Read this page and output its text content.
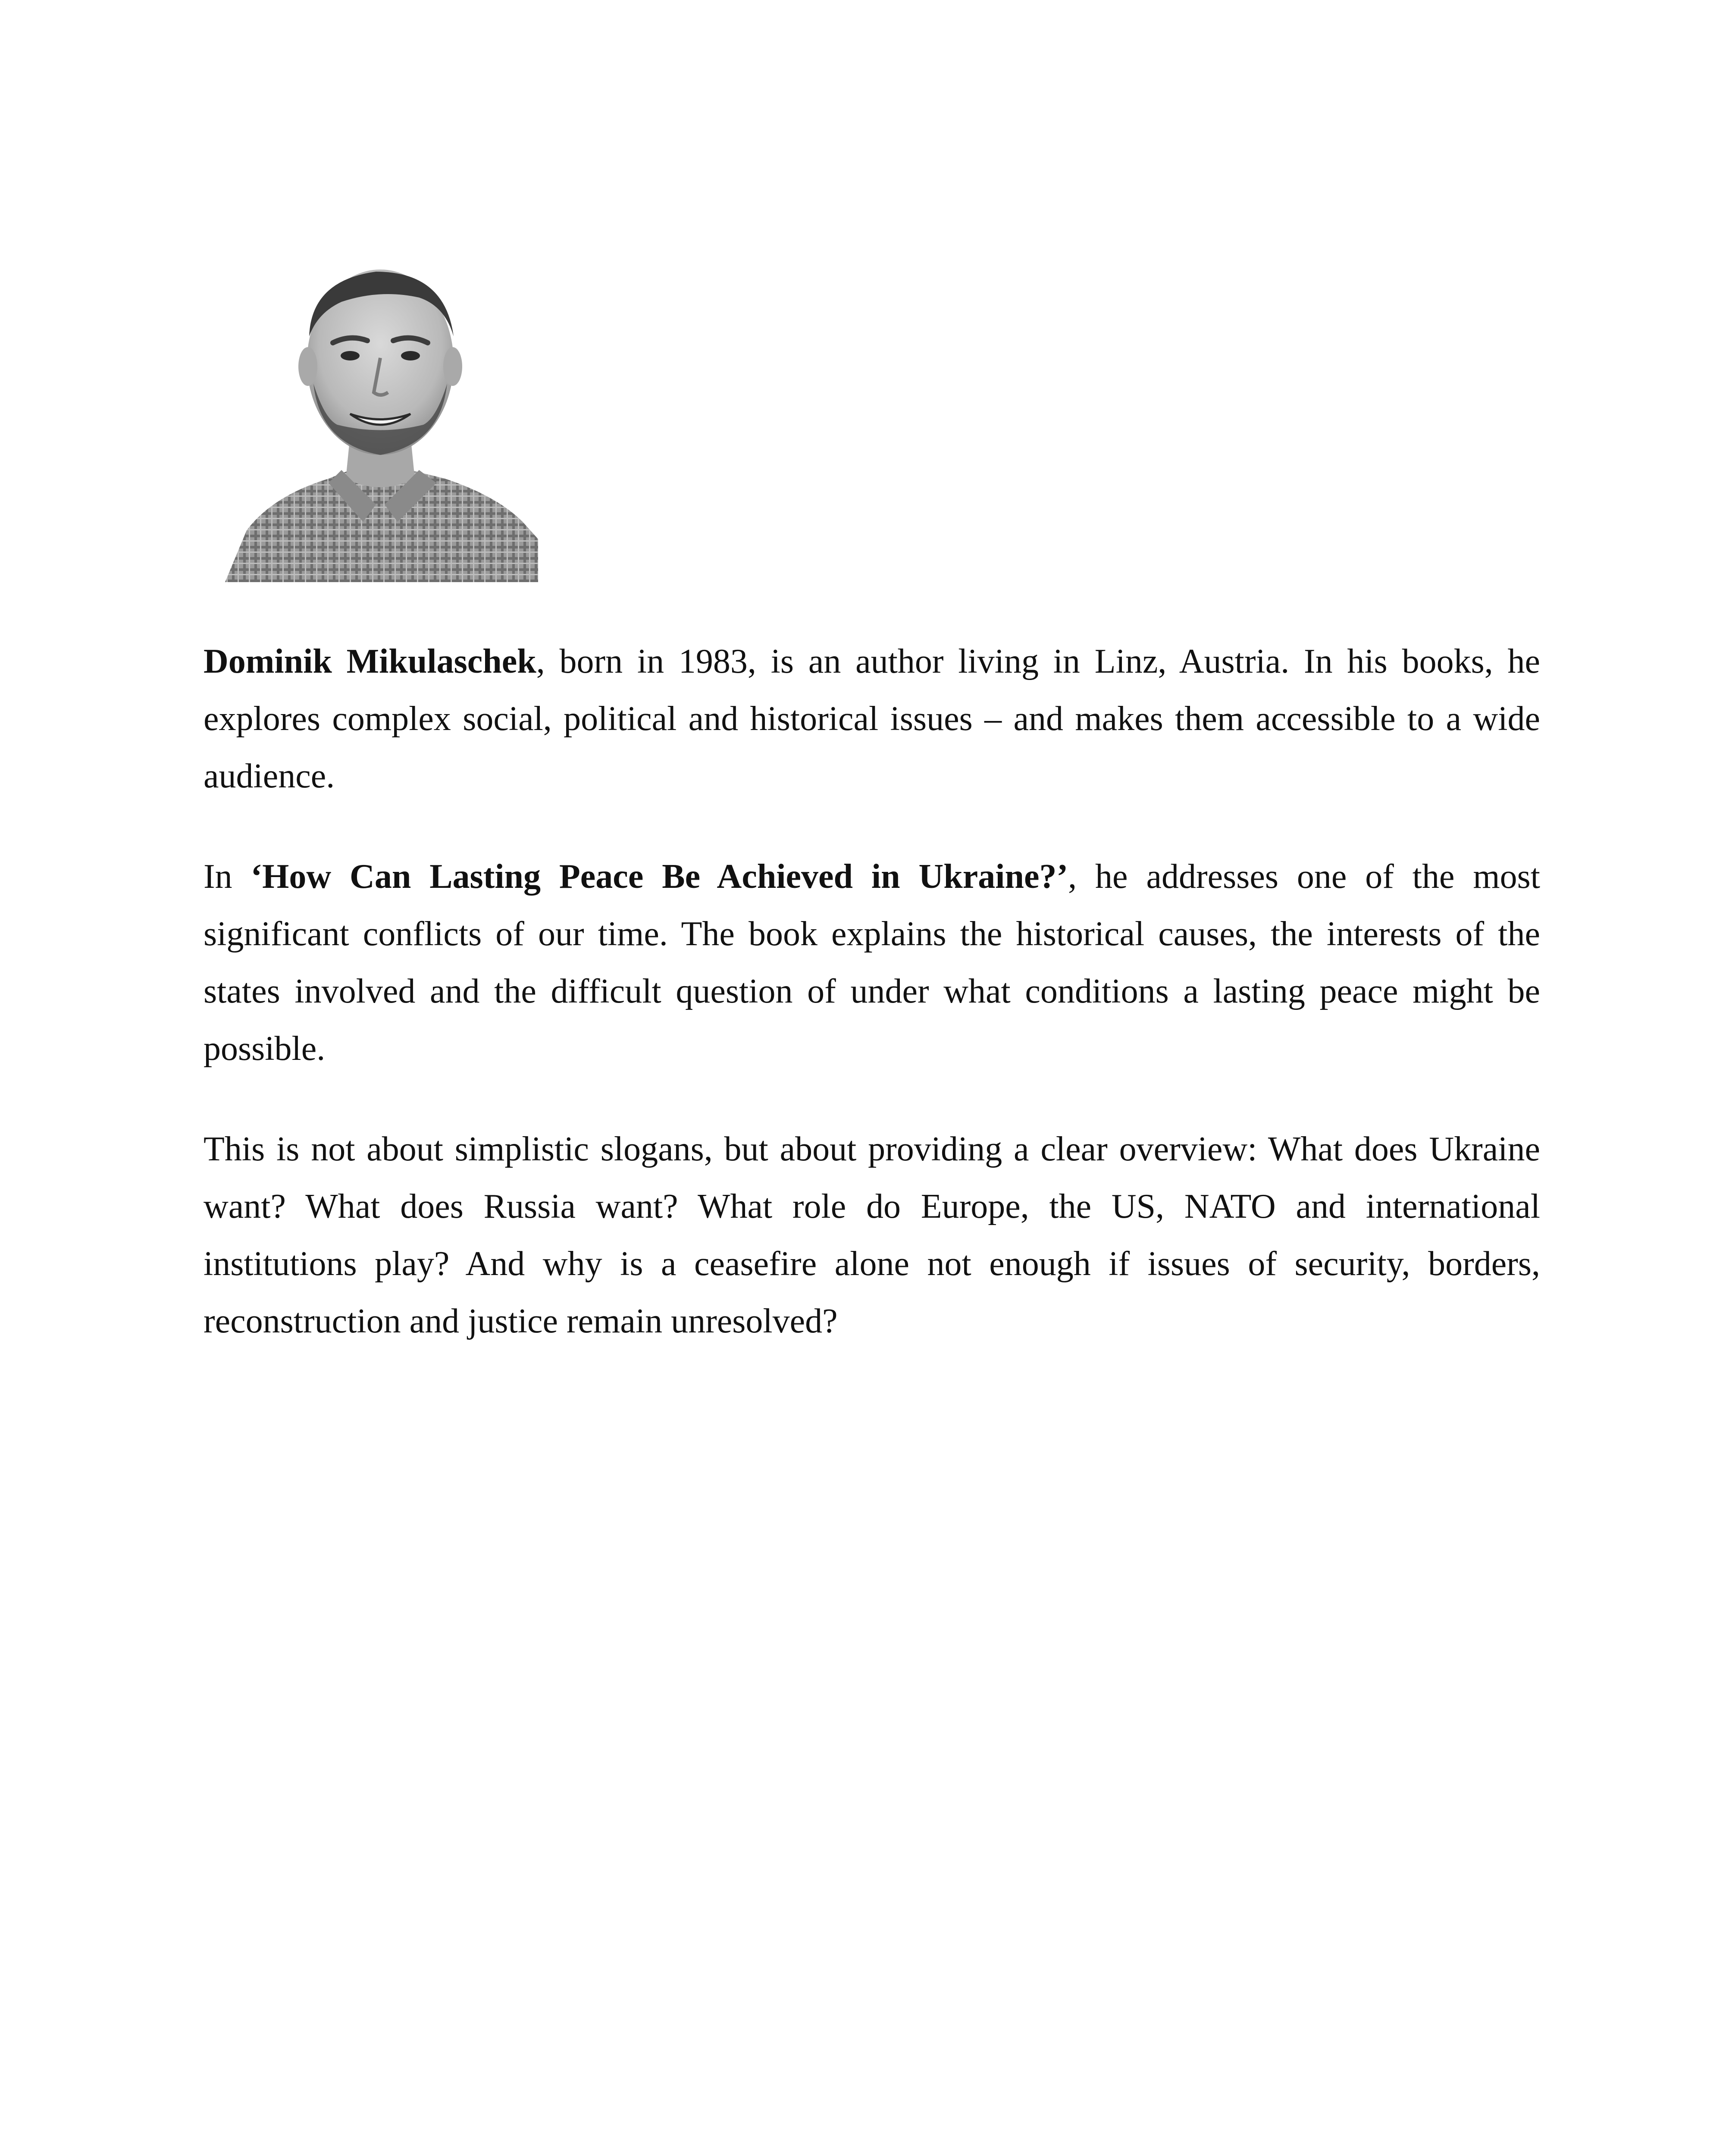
Dominik Mikulaschek, born in 1983, is an author living in Linz, Austria. In his books, he explores complex social, political and historical issues – and makes them accessible to a wide audience.

In ‘How Can Lasting Peace Be Achieved in Ukraine?’, he addresses one of the most significant conflicts of our time. The book explains the historical causes, the interests of the states involved and the difficult question of under what conditions a lasting peace might be possible.

This is not about simplistic slogans, but about providing a clear overview: What does Ukraine want? What does Russia want? What role do Europe, the US, NATO and international institutions play? And why is a ceasefire alone not enough if issues of security, borders, reconstruction and justice remain unresolved?
